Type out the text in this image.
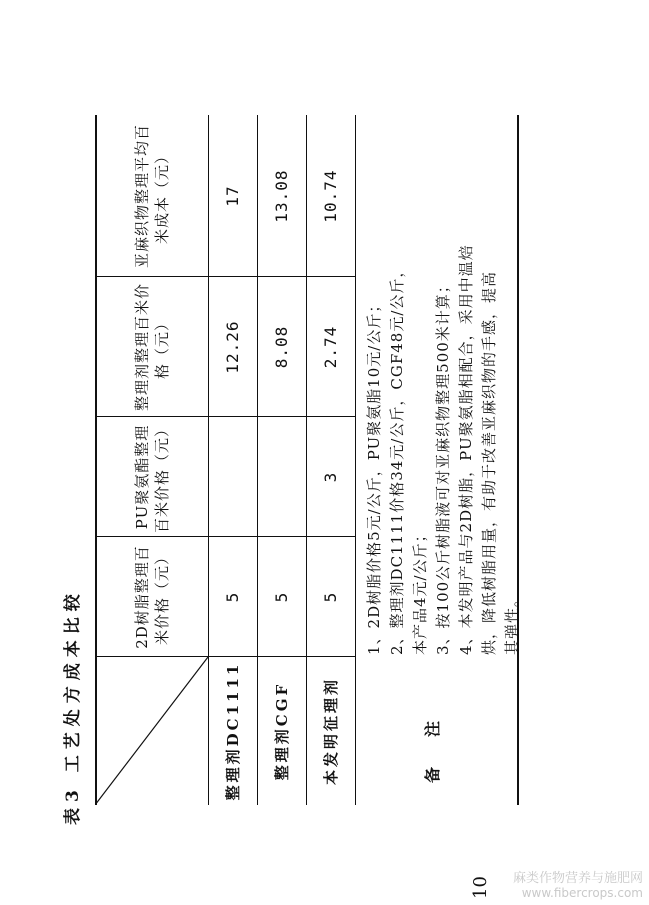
表3 工艺处方成本比较	2D树脂整理百米价格（元）
PU聚氨酯整理百米价格（元）
整理剂整理百米价格（元）
亚麻织物整理平均百米成本（元）
整理剂DC1111
5
12.26
17
整理剂CGF
5
8.08
13.08
本发明征理剂
5
3
2.74
10.74
备注
1、2D树脂价格5元/公斤，PU聚氨脂10元/公斤； 2、整理剂DC1111价格34元/公斤，CGF48元/公斤， 本产品4元/公斤； 3、按100公斤树脂液可对亚麻织物整理500米计算； 4、本发明产品与2D树脂，PU聚氨脂相配合，采用中温焙 烘，降低树脂用量，有助于改善亚麻织物的手感，提高 其弹性。
10 麻类作物营养与施肥网
www.fibercrops.com
